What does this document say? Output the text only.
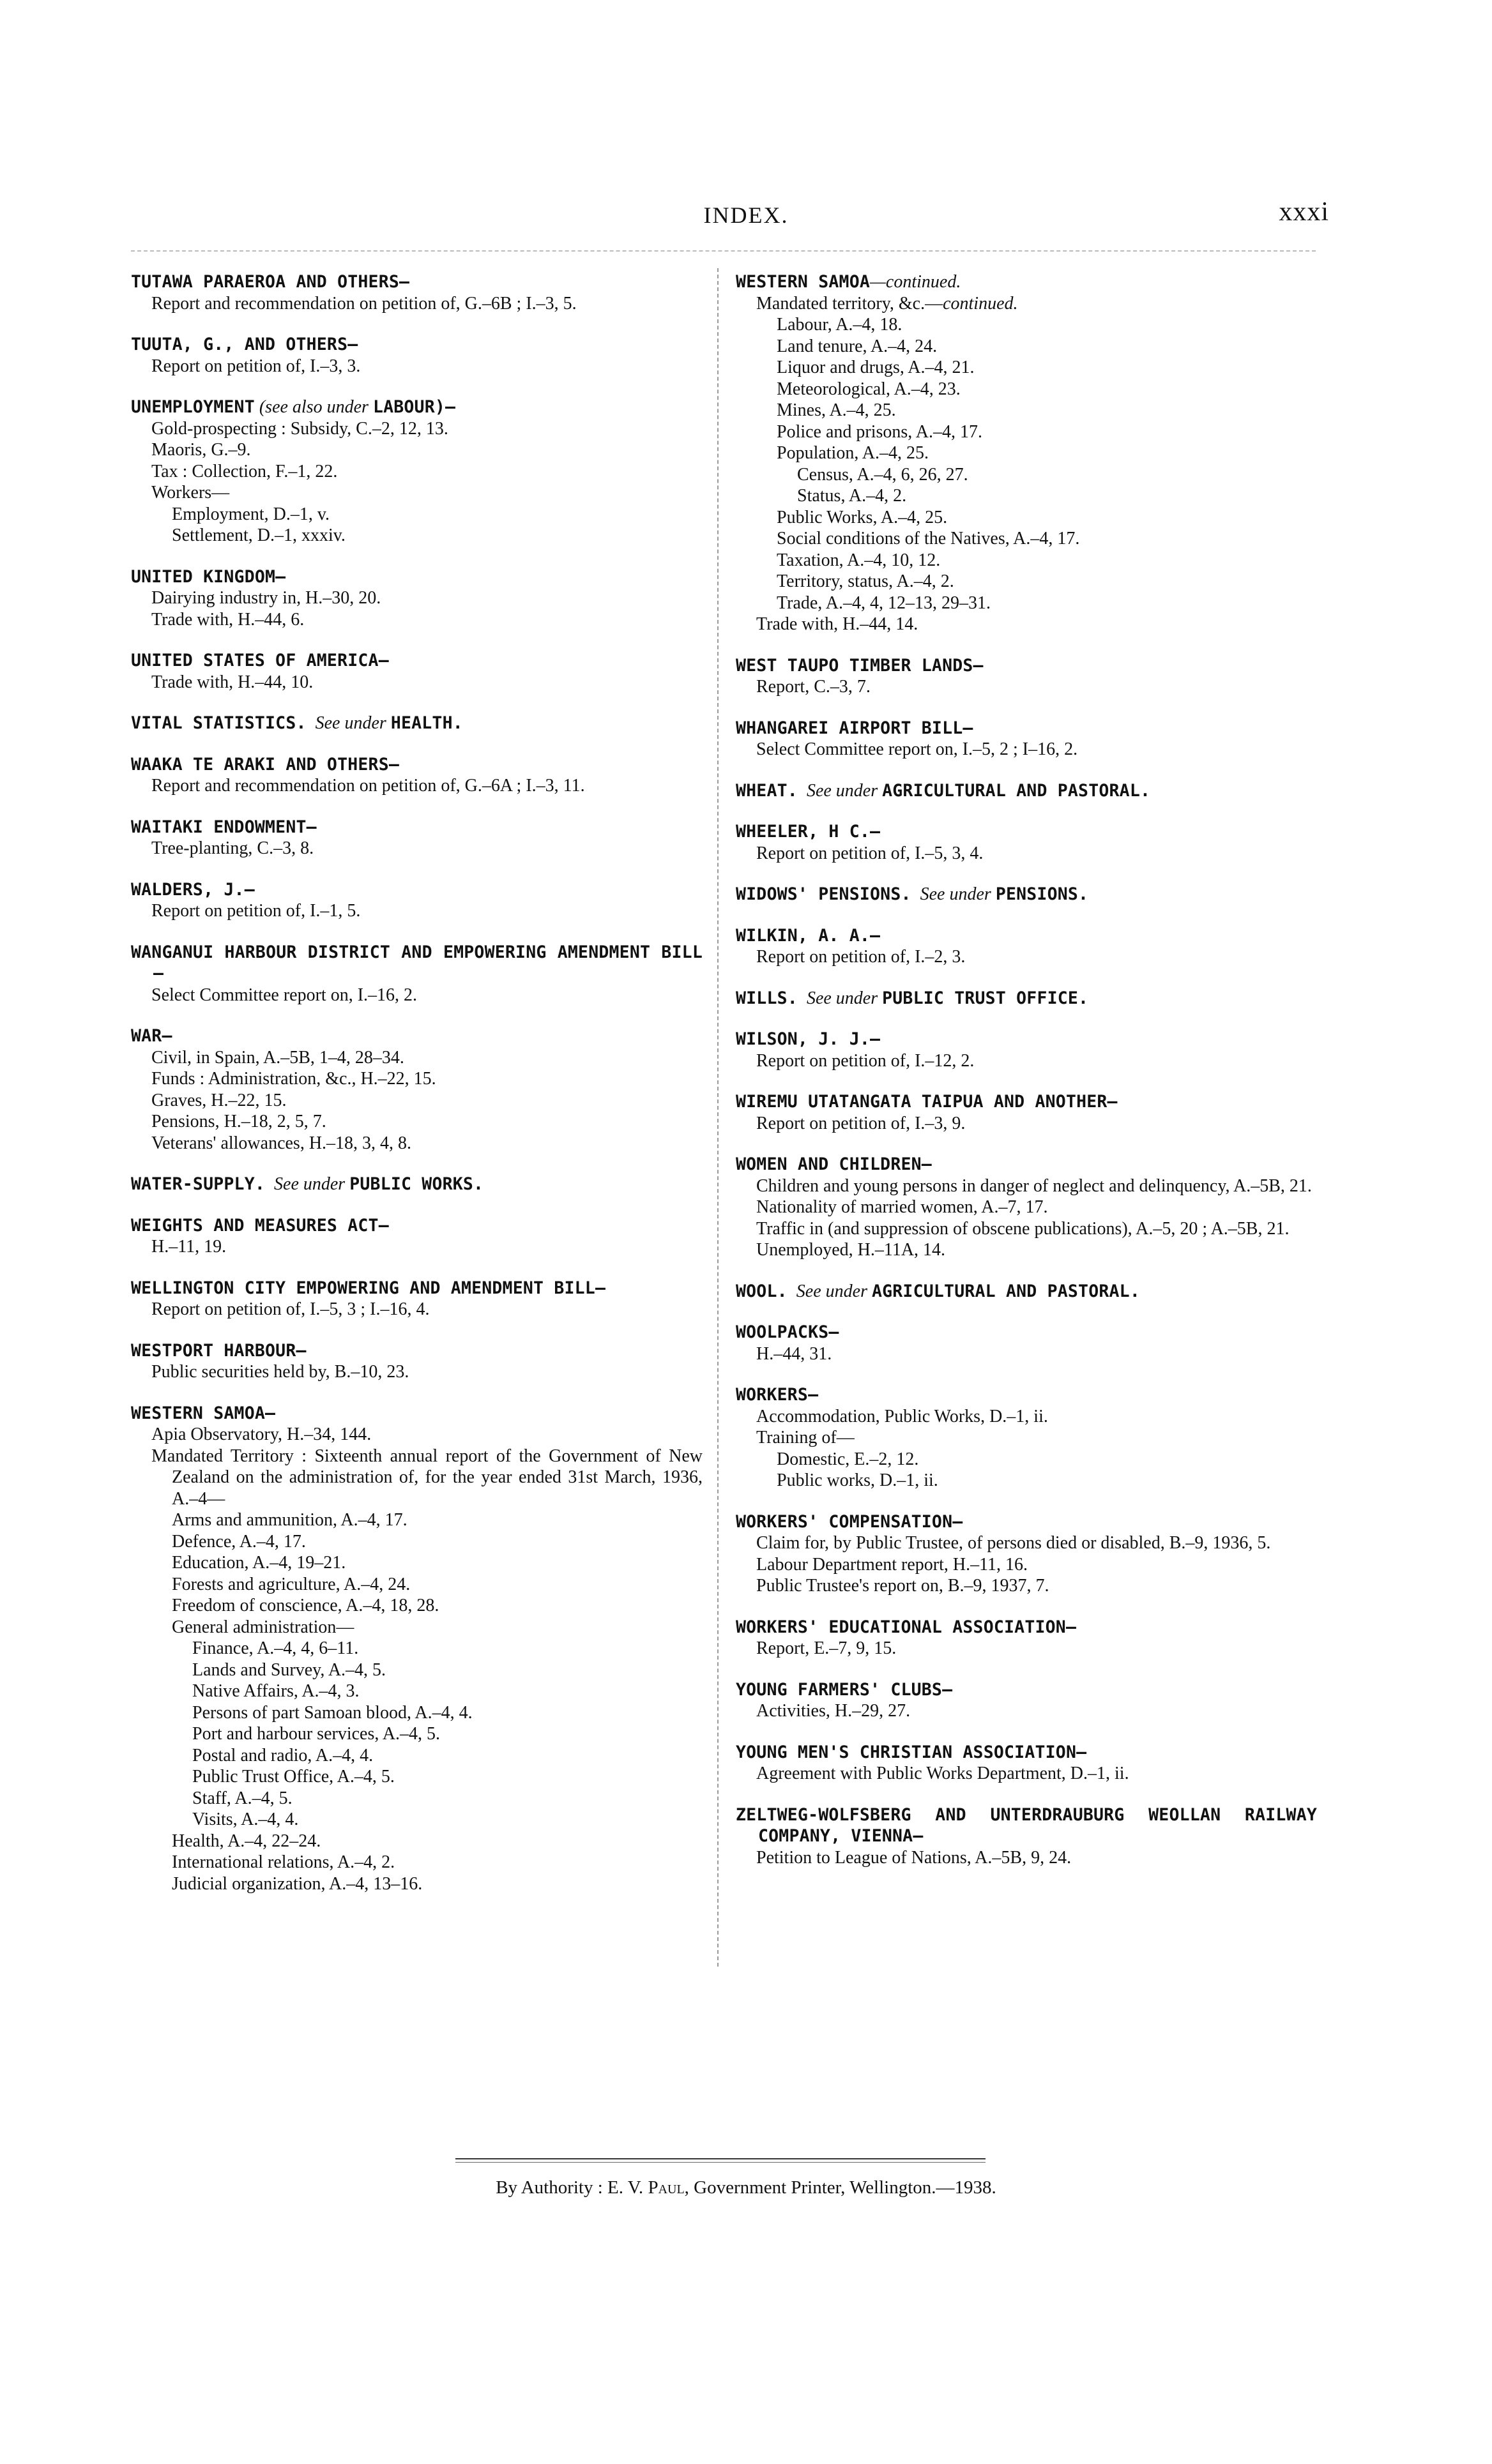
INDEX.	xxxi
TUTAWA PARAEROA AND OTHERS—
Report and recommendation on petition of, G.–6B ; I.–3, 5.
TUUTA, G., AND OTHERS—
Report on petition of, I.–3, 3.
UNEMPLOYMENT (see also under LABOUR)—
Gold-prospecting : Subsidy, C.–2, 12, 13.
Maoris, G.–9.
Tax : Collection, F.–1, 22.
Workers—
Employment, D.–1, v.
Settlement, D.–1, xxxiv.
UNITED KINGDOM—
Dairying industry in, H.–30, 20.
Trade with, H.–44, 6.
UNITED STATES OF AMERICA—
Trade with, H.–44, 10.
VITAL STATISTICS. See under HEALTH.
WAAKA TE ARAKI AND OTHERS—
Report and recommendation on petition of, G.–6A ; I.–3, 11.
WAITAKI ENDOWMENT—
Tree-planting, C.–3, 8.
WALDERS, J.—
Report on petition of, I.–1, 5.
WANGANUI HARBOUR DISTRICT AND EMPOWERING AMENDMENT BILL—
Select Committee report on, I.–16, 2.
WAR—
Civil, in Spain, A.–5B, 1–4, 28–34.
Funds : Administration, &c., H.–22, 15.
Graves, H.–22, 15.
Pensions, H.–18, 2, 5, 7.
Veterans' allowances, H.–18, 3, 4, 8.
WATER-SUPPLY. See under PUBLIC WORKS.
WEIGHTS AND MEASURES ACT—
H.–11, 19.
WELLINGTON CITY EMPOWERING AND AMENDMENT BILL—
Report on petition of, I.–5, 3 ; I.–16, 4.
WESTPORT HARBOUR—
Public securities held by, B.–10, 23.
WESTERN SAMOA—
Apia Observatory, H.–34, 144.
Mandated Territory : Sixteenth annual report of the Government of New Zealand on the administration of, for the year ended 31st March, 1936, A.–4—
Arms and ammunition, A.–4, 17.
Defence, A.–4, 17.
Education, A.–4, 19–21.
Forests and agriculture, A.–4, 24.
Freedom of conscience, A.–4, 18, 28.
General administration—
Finance, A.–4, 4, 6–11.
Lands and Survey, A.–4, 5.
Native Affairs, A.–4, 3.
Persons of part Samoan blood, A.–4, 4.
Port and harbour services, A.–4, 5.
Postal and radio, A.–4, 4.
Public Trust Office, A.–4, 5.
Staff, A.–4, 5.
Visits, A.–4, 4.
Health, A.–4, 22–24.
International relations, A.–4, 2.
Judicial organization, A.–4, 13–16.
WESTERN SAMOA—continued.
Mandated territory, &c.—continued.
Labour, A.–4, 18.
Land tenure, A.–4, 24.
Liquor and drugs, A.–4, 21.
Meteorological, A.–4, 23.
Mines, A.–4, 25.
Police and prisons, A.–4, 17.
Population, A.–4, 25.
Census, A.–4, 6, 26, 27.
Status, A.–4, 2.
Public Works, A.–4, 25.
Social conditions of the Natives, A.–4, 17.
Taxation, A.–4, 10, 12.
Territory, status, A.–4, 2.
Trade, A.–4, 4, 12–13, 29–31.
Trade with, H.–44, 14.
WEST TAUPO TIMBER LANDS—
Report, C.–3, 7.
WHANGAREI AIRPORT BILL—
Select Committee report on, I.–5, 2 ; I–16, 2.
WHEAT. See under AGRICULTURAL AND PASTORAL.
WHEELER, H C.—
Report on petition of, I.–5, 3, 4.
WIDOWS' PENSIONS. See under PENSIONS.
WILKIN, A. A.—
Report on petition of, I.–2, 3.
WILLS. See under PUBLIC TRUST OFFICE.
WILSON, J. J.—
Report on petition of, I.–12, 2.
WIREMU UTATANGATA TAIPUA AND ANOTHER—
Report on petition of, I.–3, 9.
WOMEN AND CHILDREN—
Children and young persons in danger of neglect and delinquency, A.–5B, 21.
Nationality of married women, A.–7, 17.
Traffic in (and suppression of obscene publications), A.–5, 20 ; A.–5B, 21.
Unemployed, H.–11A, 14.
WOOL. See under AGRICULTURAL AND PASTORAL.
WOOLPACKS—
H.–44, 31.
WORKERS—
Accommodation, Public Works, D.–1, ii.
Training of—
Domestic, E.–2, 12.
Public works, D.–1, ii.
WORKERS' COMPENSATION—
Claim for, by Public Trustee, of persons died or disabled, B.–9, 1936, 5.
Labour Department report, H.–11, 16.
Public Trustee's report on, B.–9, 1937, 7.
WORKERS' EDUCATIONAL ASSOCIATION—
Report, E.–7, 9, 15.
YOUNG FARMERS' CLUBS—
Activities, H.–29, 27.
YOUNG MEN'S CHRISTIAN ASSOCIATION—
Agreement with Public Works Department, D.–1, ii.
ZELTWEG-WOLFSBERG AND UNTERDRAUBURG WEOLLAN RAILWAY COMPANY, VIENNA—
Petition to League of Nations, A.–5B, 9, 24.
By Authority : E. V. Paul, Government Printer, Wellington.—1938.
